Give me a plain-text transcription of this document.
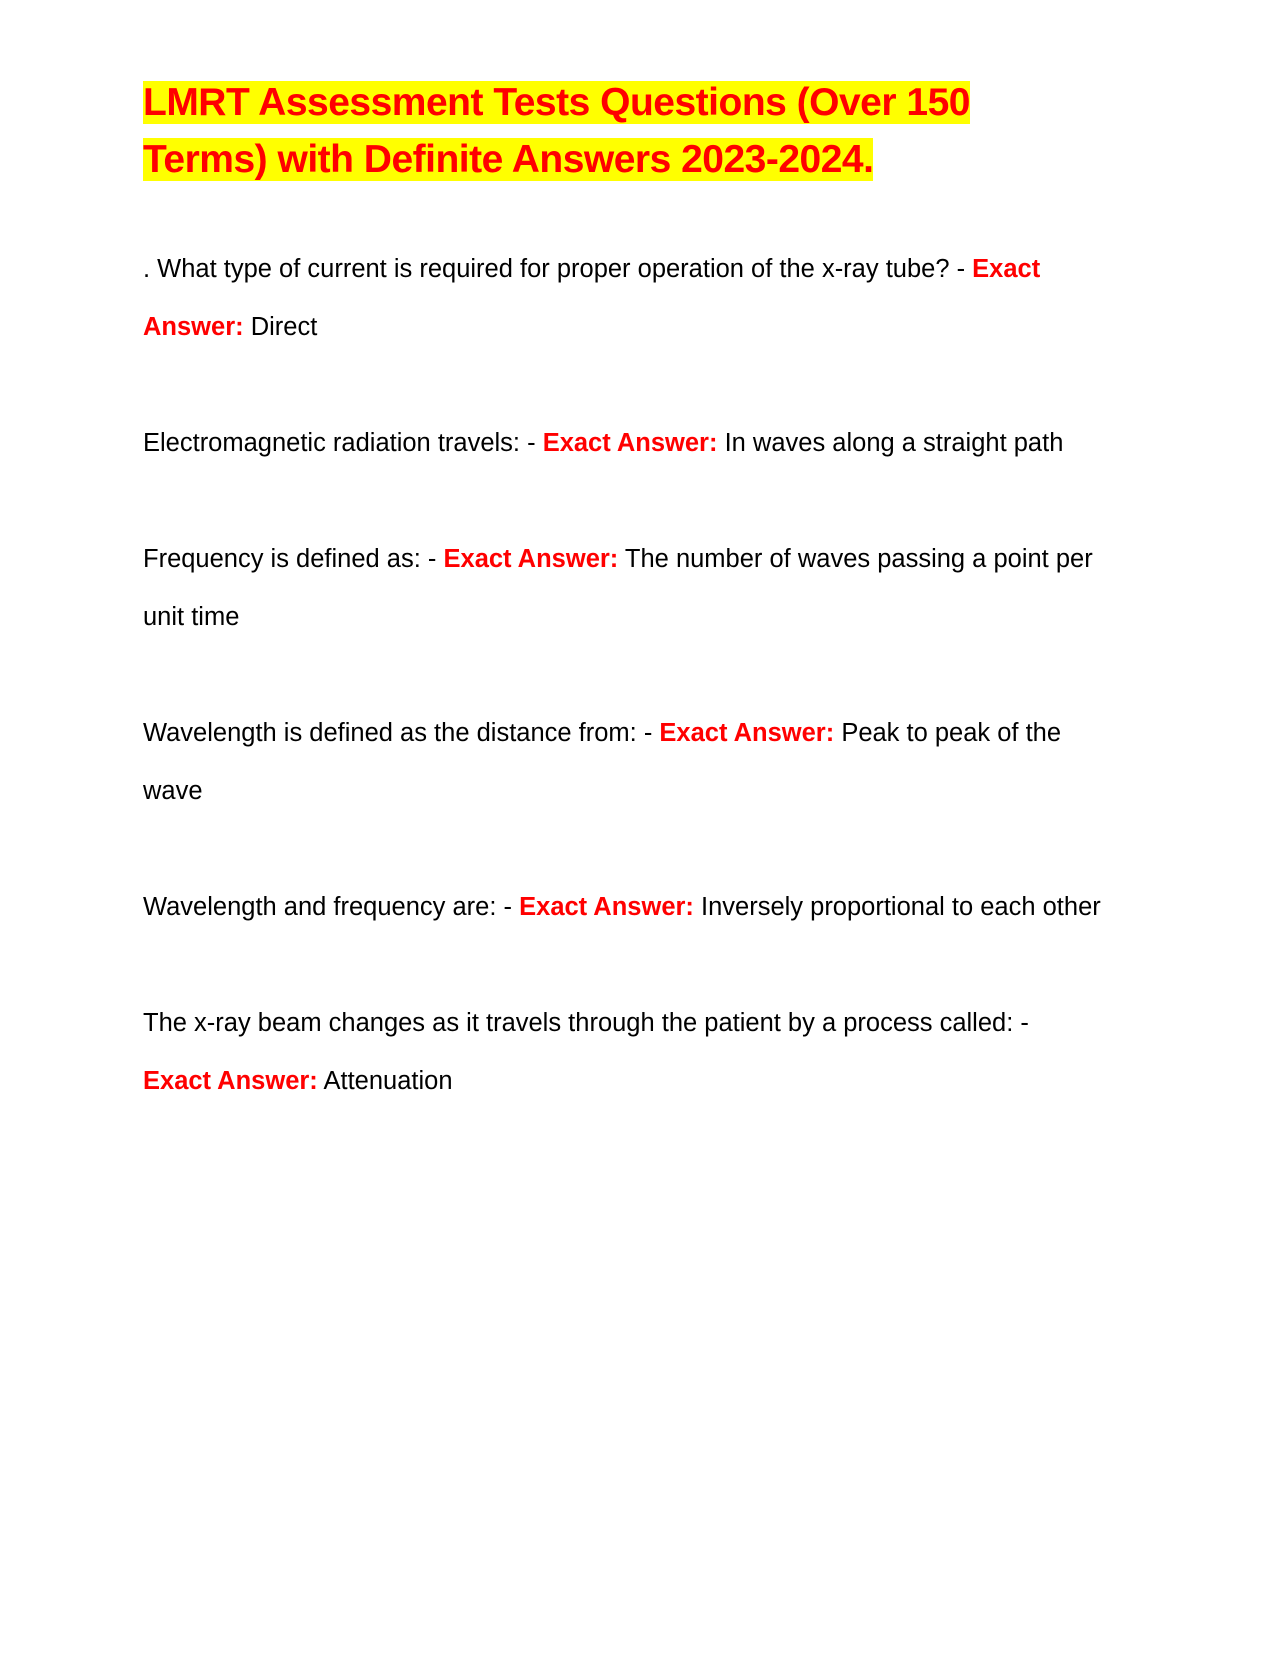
LMRT Assessment Tests Questions (Over 150 Terms) with Definite Answers 2023-2024.

. What type of current is required for proper operation of the x-ray tube? - Exact Answer: Direct

Electromagnetic radiation travels: - Exact Answer: In waves along a straight path

Frequency is defined as: - Exact Answer: The number of waves passing a point per unit time

Wavelength is defined as the distance from: - Exact Answer: Peak to peak of the wave

Wavelength and frequency are: - Exact Answer: Inversely proportional to each other

The x-ray beam changes as it travels through the patient by a process called: - Exact Answer: Attenuation
